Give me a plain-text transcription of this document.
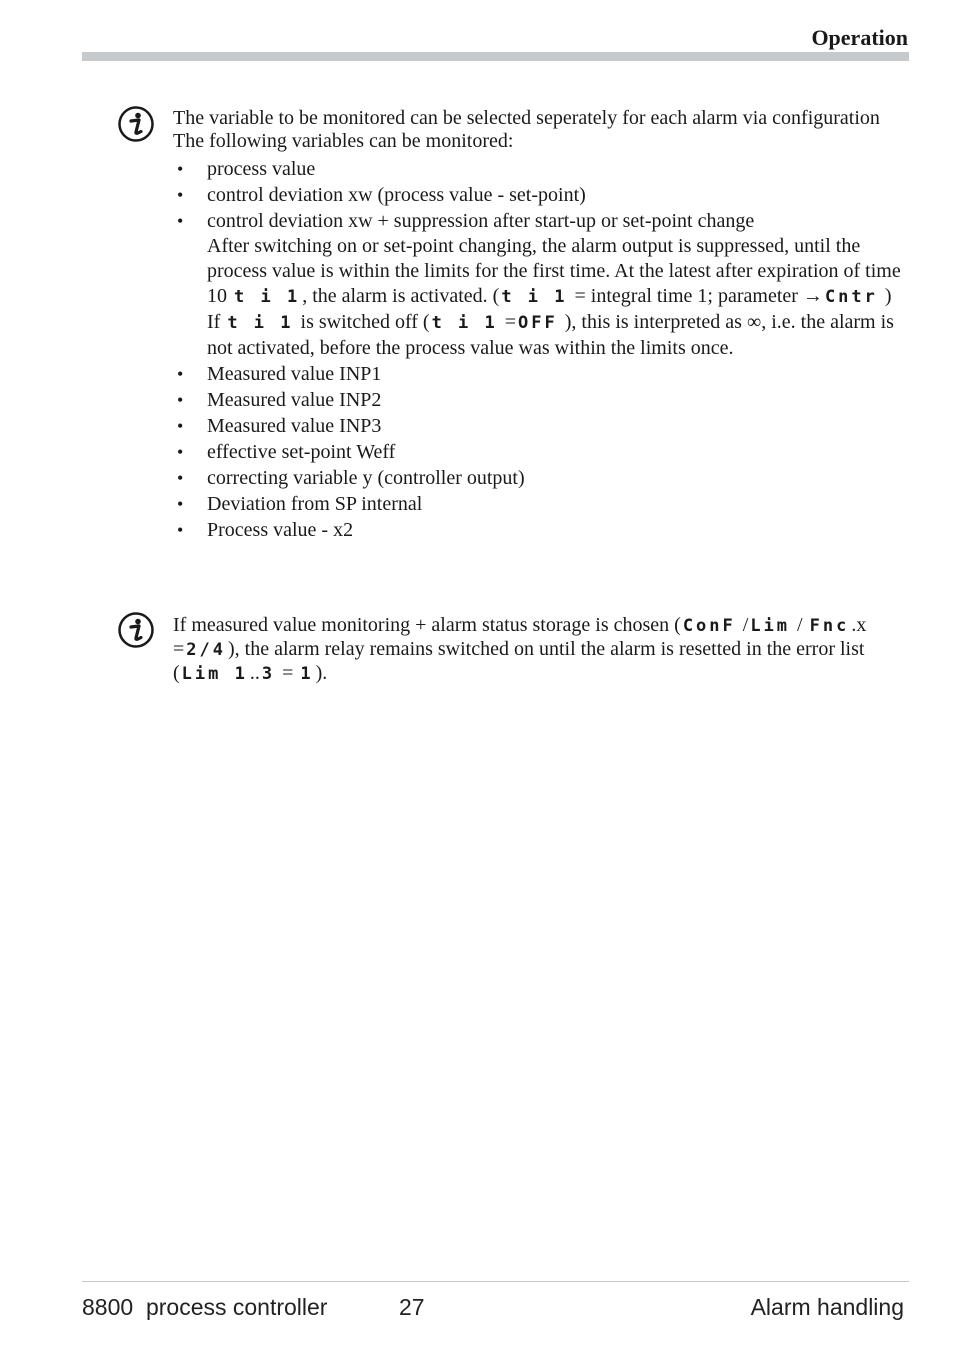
Operation

The variable to be monitored can be selected seperately for each alarm via configuration

The following variables can be monitored:

• process value
• control deviation xw (process value - set-point)
• control deviation xw + suppression after start-up or set-point change
After switching on or set-point changing, the alarm output is suppressed, until the process value is within the limits for the first time. At the latest after expiration of time 10 t i 1 , the alarm is activated. ( t i 1 = integral time 1; parameter → Cntr )
If t i 1 is switched off ( t i 1 = OFF ), this is interpreted as ∞, i.e. the alarm is not activated, before the process value was within the limits once.
• Measured value INP1
• Measured value INP2
• Measured value INP3
• effective set-point Weff
• correcting variable y (controller output)
• Deviation from SP internal
• Process value - x2

If measured value monitoring + alarm status storage is chosen ( ConF / Lim / Fnc .x = 2/4 ), the alarm relay remains switched on until the alarm is resetted in the error list ( Lim 1 .. 3 = 1 ).

8800  process controller	27	Alarm handling
